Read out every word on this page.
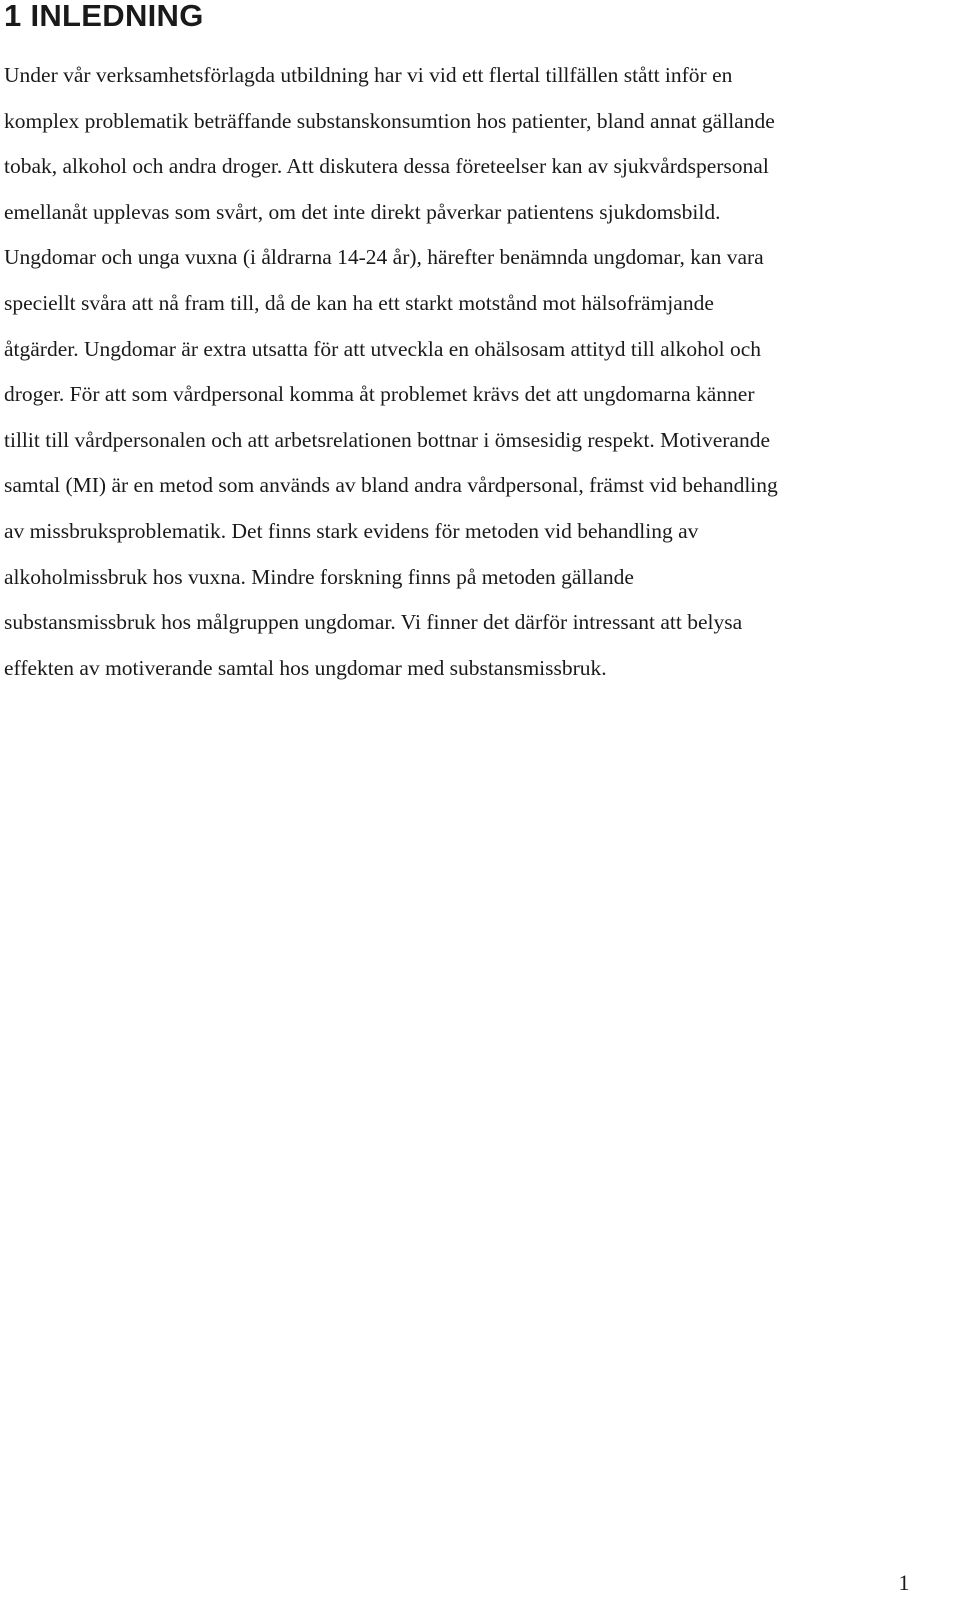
1 INLEDNING

Under vår verksamhetsförlagda utbildning har vi vid ett flertal tillfällen stått inför en
komplex problematik beträffande substanskonsumtion hos patienter, bland annat gällande
tobak, alkohol och andra droger. Att diskutera dessa företeelser kan av sjukvårdspersonal
emellanåt upplevas som svårt, om det inte direkt påverkar patientens sjukdomsbild.
Ungdomar och unga vuxna (i åldrarna 14-24 år), härefter benämnda ungdomar, kan vara
speciellt svåra att nå fram till, då de kan ha ett starkt motstånd mot hälsofrämjande
åtgärder. Ungdomar är extra utsatta för att utveckla en ohälsosam attityd till alkohol och
droger. För att som vårdpersonal komma åt problemet krävs det att ungdomarna känner
tillit till vårdpersonalen och att arbetsrelationen bottnar i ömsesidig respekt. Motiverande
samtal (MI) är en metod som används av bland andra vårdpersonal, främst vid behandling
av missbruksproblematik. Det finns stark evidens för metoden vid behandling av
alkoholmissbruk hos vuxna. Mindre forskning finns på metoden gällande
substansmissbruk hos målgruppen ungdomar. Vi finner det därför intressant att belysa
effekten av motiverande samtal hos ungdomar med substansmissbruk.

1
